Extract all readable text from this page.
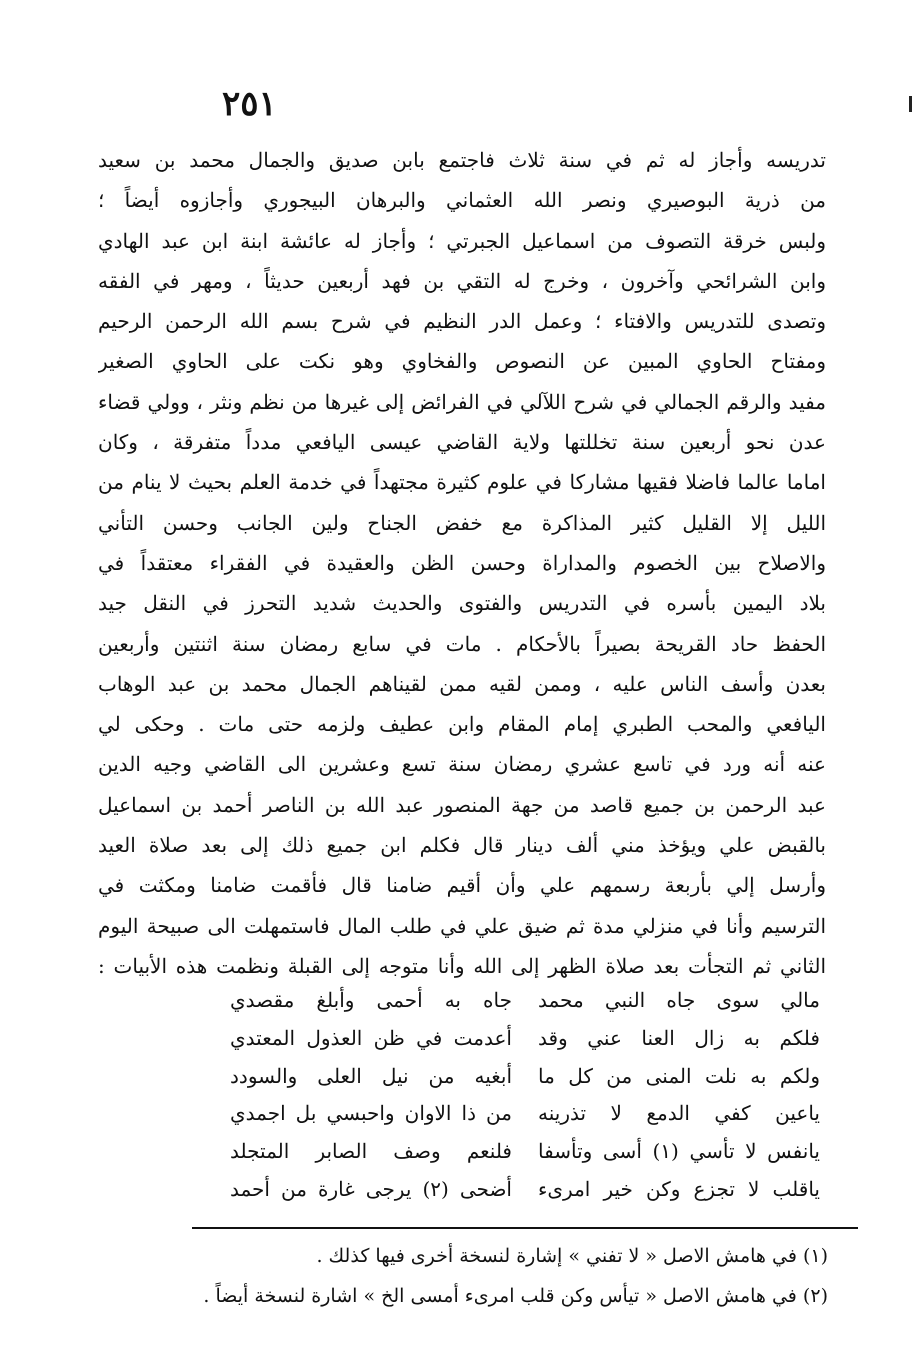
٢٥١
تدريسه وأجاز له ثم في سنة ثلاث فاجتمع بابن صديق والجمال محمد بن سعيد
من ذرية البوصيري ونصر الله العثماني والبرهان البيجوري وأجازوه أيضاً ؛
ولبس خرقة التصوف من اسماعيل الجبرتي ؛ وأجاز له عائشة ابنة ابن عبد الهادي
وابن الشرائحي وآخرون ، وخرج له التقي بن فهد أربعين حديثاً ، ومهر في الفقه
وتصدى للتدريس والافتاء ؛ وعمل الدر النظيم في شرح بسم الله الرحمن الرحيم
ومفتاح الحاوي المبين عن النصوص والفخاوي وهو نكت على الحاوي الصغير
مفيد والرقم الجمالي في شرح اللآلي في الفرائض إلى غيرها من نظم ونثر ، وولي قضاء
عدن نحو أربعين سنة تخللتها ولاية القاضي عيسى اليافعي مدداً متفرقة ، وكان
اماما عالما فاضلا فقيها مشاركا في علوم كثيرة مجتهداً في خدمة العلم بحيث لا ينام من
الليل إلا القليل كثير المذاكرة مع خفض الجناح ولين الجانب وحسن التأني
والاصلاح بين الخصوم والمداراة وحسن الظن والعقيدة في الفقراء معتقداً في
بلاد اليمين بأسره في التدريس والفتوى والحديث شديد التحرز في النقل جيد
الحفظ حاد القريحة بصيراً بالأحكام . مات في سابع رمضان سنة اثنتين وأربعين
بعدن وأسف الناس عليه ، وممن لقيه ممن لقيناهم الجمال محمد بن عبد الوهاب
اليافعي والمحب الطبري إمام المقام وابن عطيف ولزمه حتى مات . وحكى لي
عنه أنه ورد في تاسع عشري رمضان سنة تسع وعشرين الى القاضي وجيه الدين
عبد الرحمن بن جميع قاصد من جهة المنصور عبد الله بن الناصر أحمد بن اسماعيل
بالقبض علي ويؤخذ مني ألف دينار قال فكلم ابن جميع ذلك إلى بعد صلاة العيد
وأرسل إلي بأربعة رسمهم علي وأن أقيم ضامنا قال فأقمت ضامنا ومكثت في
الترسيم وأنا في منزلي مدة ثم ضيق علي في طلب المال فاستمهلت الى صبيحة اليوم
الثاني ثم التجأت بعد صلاة الظهر إلى الله وأنا متوجه إلى القبلة ونظمت هذه الأبيات :
مالي سوى جاه النبي محمد
جاه به أحمى وأبلغ مقصدي
فلكم به زال العنا عني وقد
أعدمت في ظن العذول المعتدي
ولكم به نلت المنى من كل ما
أبغيه من نيل العلى والسودد
ياعين كفي الدمع لا تذرينه
من ذا الاوان واحبسي بل اجمدي
يانفس لا تأسي (١) أسى وتأسفا
فلنعم وصف الصابر المتجلد
ياقلب لا تجزع وكن خير امرىء
أضحى (٢) يرجى غارة من أحمد
(١) في هامش الاصل « لا تفني » إشارة لنسخة أخرى فيها كذلك .
(٢) في هامش الاصل « تيأس وكن قلب امرىء أمسى الخ » اشارة لنسخة أيضاً .
